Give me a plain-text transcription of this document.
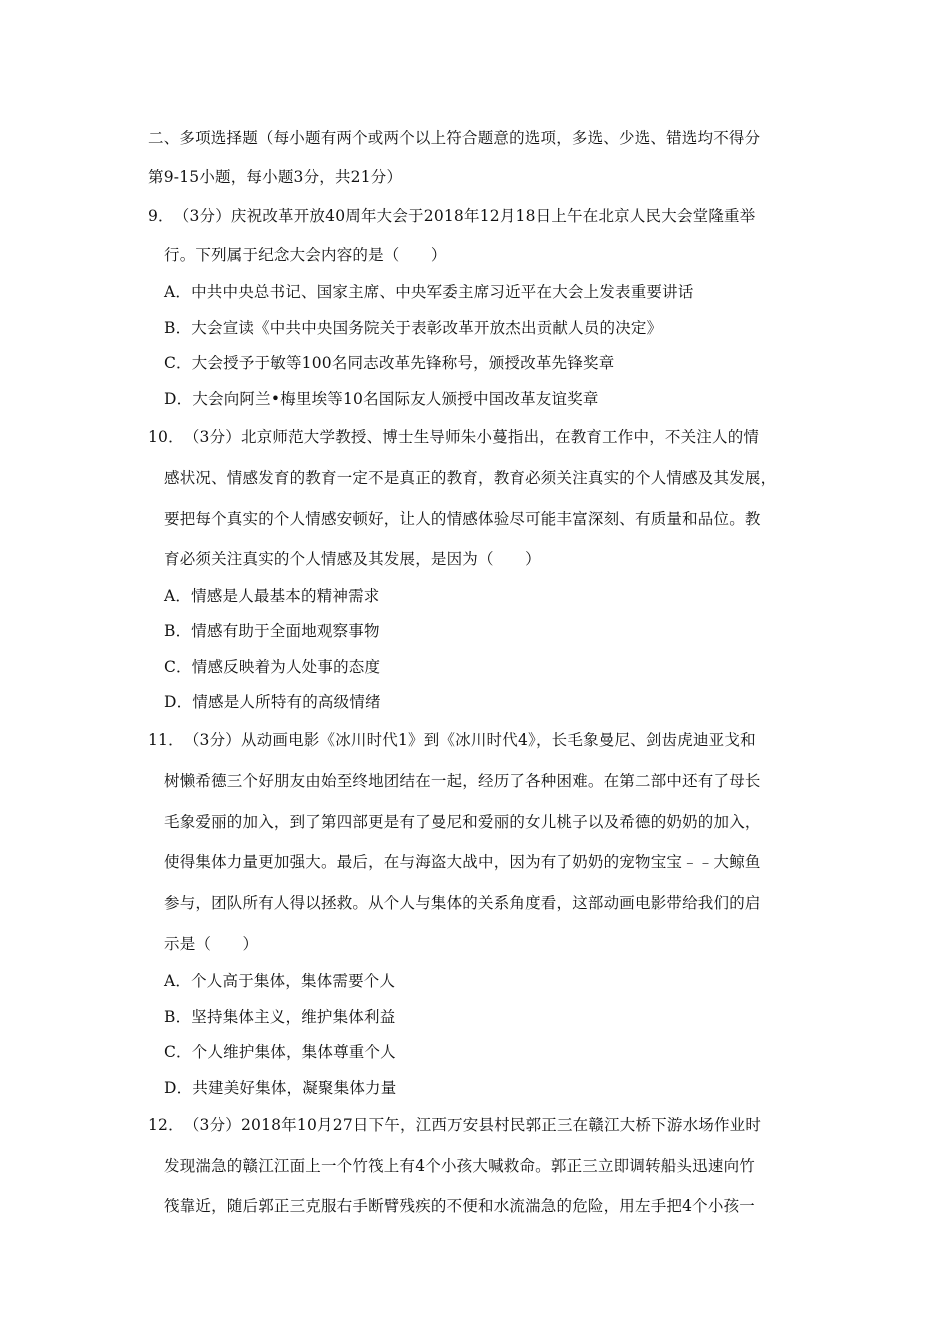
二、多项选择题（每小题有两个或两个以上符合题意的选项，多选、少选、错选均不得分
第9-15小题，每小题3分，共21分）
9．（3分）庆祝改革开放40周年大会于2018年12月18日上午在北京人民大会堂隆重举
行。下列属于纪念大会内容的是（　　）
A．中共中央总书记、国家主席、中央军委主席习近平在大会上发表重要讲话
B．大会宣读《中共中央国务院关于表彰改革开放杰出贡献人员的决定》
C．大会授予于敏等100名同志改革先锋称号，颁授改革先锋奖章
D．大会向阿兰•梅里埃等10名国际友人颁授中国改革友谊奖章
10．（3分）北京师范大学教授、博士生导师朱小蔓指出，在教育工作中，不关注人的情
感状况、情感发育的教育一定不是真正的教育，教育必须关注真实的个人情感及其发展，
要把每个真实的个人情感安顿好，让人的情感体验尽可能丰富深刻、有质量和品位。教
育必须关注真实的个人情感及其发展，是因为（　　）
A．情感是人最基本的精神需求
B．情感有助于全面地观察事物
C．情感反映着为人处事的态度
D．情感是人所特有的高级情绪
11．（3分）从动画电影《冰川时代1》到《冰川时代4》，长毛象曼尼、剑齿虎迪亚戈和
树懒希德三个好朋友由始至终地团结在一起，经历了各种困难。在第二部中还有了母长
毛象爱丽的加入，到了第四部更是有了曼尼和爱丽的女儿桃子以及希德的奶奶的加入，
使得集体力量更加强大。最后，在与海盗大战中，因为有了奶奶的宠物宝宝﹣﹣大鲸鱼
参与，团队所有人得以拯救。从个人与集体的关系角度看，这部动画电影带给我们的启
示是（　　）
A．个人高于集体，集体需要个人
B．坚持集体主义，维护集体利益
C．个人维护集体，集体尊重个人
D．共建美好集体，凝聚集体力量
12．（3分）2018年10月27日下午，江西万安县村民郭正三在赣江大桥下游水场作业时
发现湍急的赣江江面上一个竹筏上有4个小孩大喊救命。郭正三立即调转船头迅速向竹
筏靠近，随后郭正三克服右手断臂残疾的不便和水流湍急的危险，用左手把4个小孩一
